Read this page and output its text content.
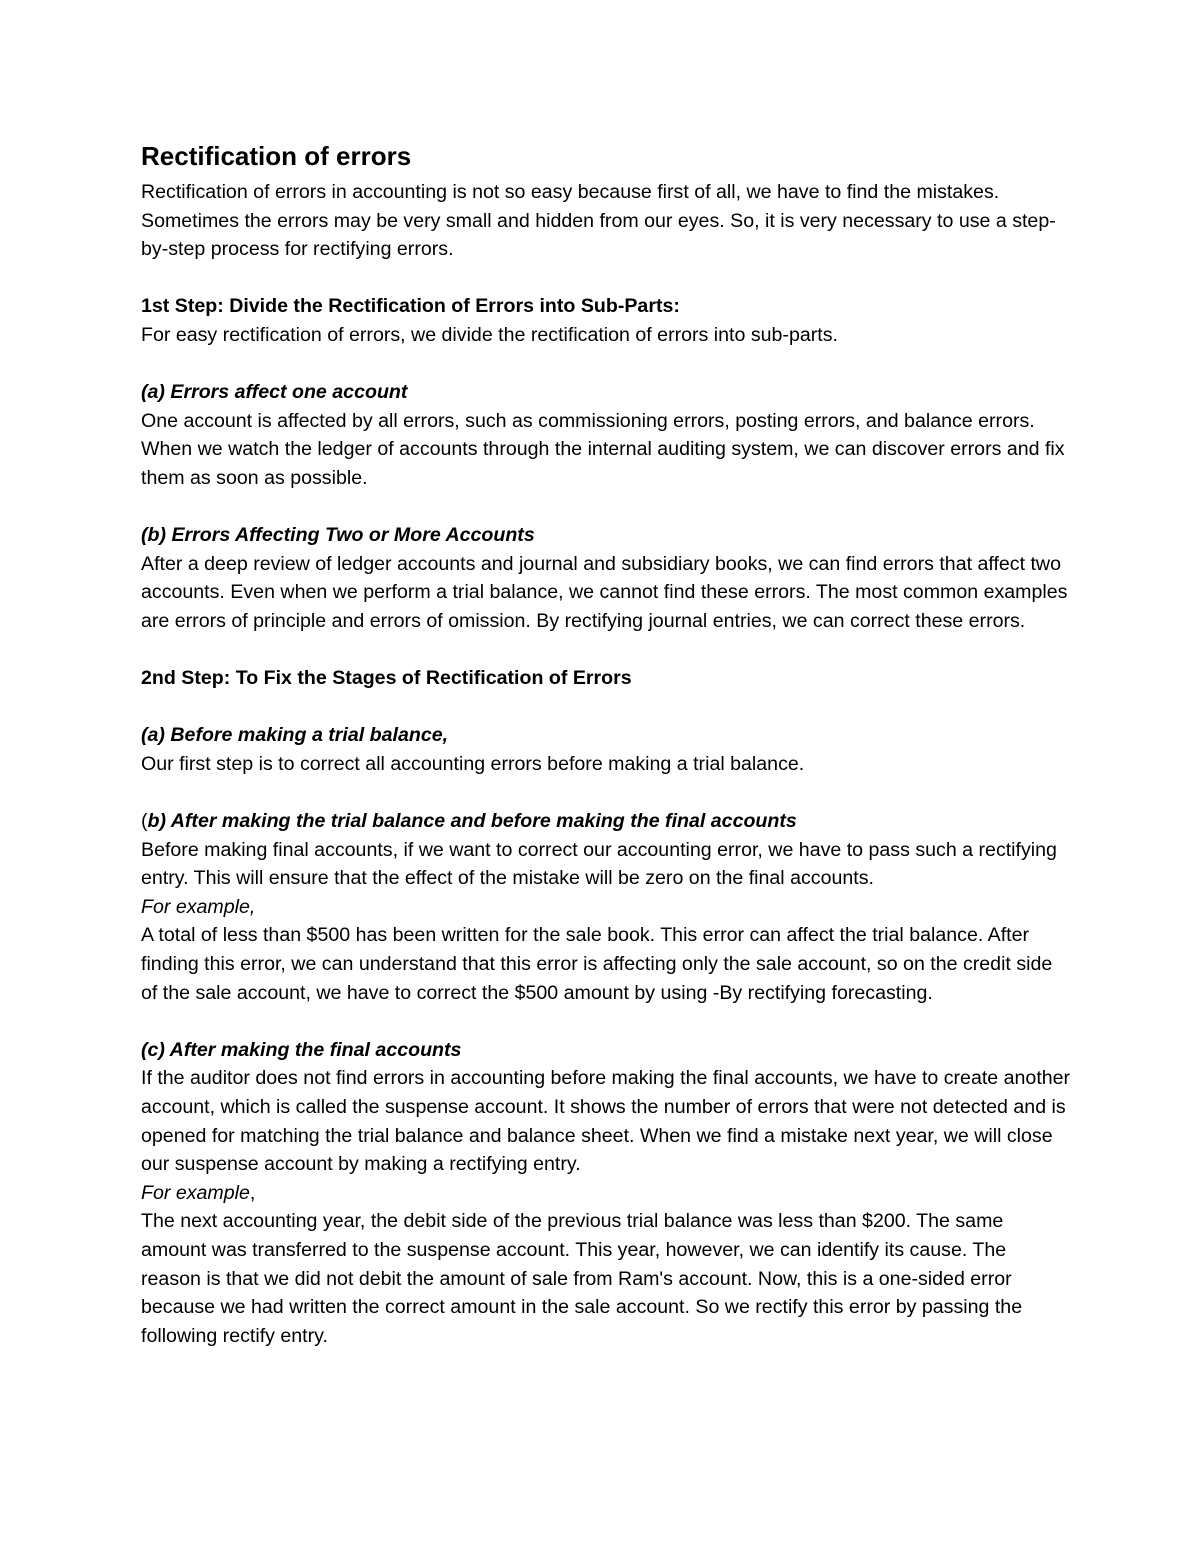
Rectification of errors

Rectification of errors in accounting is not so easy because first of all, we have to find the mistakes. Sometimes the errors may be very small and hidden from our eyes. So, it is very necessary to use a step-by-step process for rectifying errors.

1st Step: Divide the Rectification of Errors into Sub-Parts:

For easy rectification of errors, we divide the rectification of errors into sub-parts.

(a) Errors affect one account

One account is affected by all errors, such as commissioning errors, posting errors, and balance errors. When we watch the ledger of accounts through the internal auditing system, we can discover errors and fix them as soon as possible.

(b) Errors Affecting Two or More Accounts

After a deep review of ledger accounts and journal and subsidiary books, we can find errors that affect two accounts. Even when we perform a trial balance, we cannot find these errors. The most common examples are errors of principle and errors of omission. By rectifying journal entries, we can correct these errors.

2nd Step: To Fix the Stages of Rectification of Errors

(a) Before making a trial balance,

Our first step is to correct all accounting errors before making a trial balance.

(b) After making the trial balance and before making the final accounts

Before making final accounts, if we want to correct our accounting error, we have to pass such a rectifying entry. This will ensure that the effect of the mistake will be zero on the final accounts.

For example,

A total of less than $500 has been written for the sale book. This error can affect the trial balance. After finding this error, we can understand that this error is affecting only the sale account, so on the credit side of the sale account, we have to correct the $500 amount by using -By rectifying forecasting.

(c) After making the final accounts

If the auditor does not find errors in accounting before making the final accounts, we have to create another account, which is called the suspense account. It shows the number of errors that were not detected and is opened for matching the trial balance and balance sheet. When we find a mistake next year, we will close our suspense account by making a rectifying entry.

For example,

The next accounting year, the debit side of the previous trial balance was less than $200. The same amount was transferred to the suspense account. This year, however, we can identify its cause. The reason is that we did not debit the amount of sale from Ram's account. Now, this is a one-sided error because we had written the correct amount in the sale account. So we rectify this error by passing the following rectify entry.
